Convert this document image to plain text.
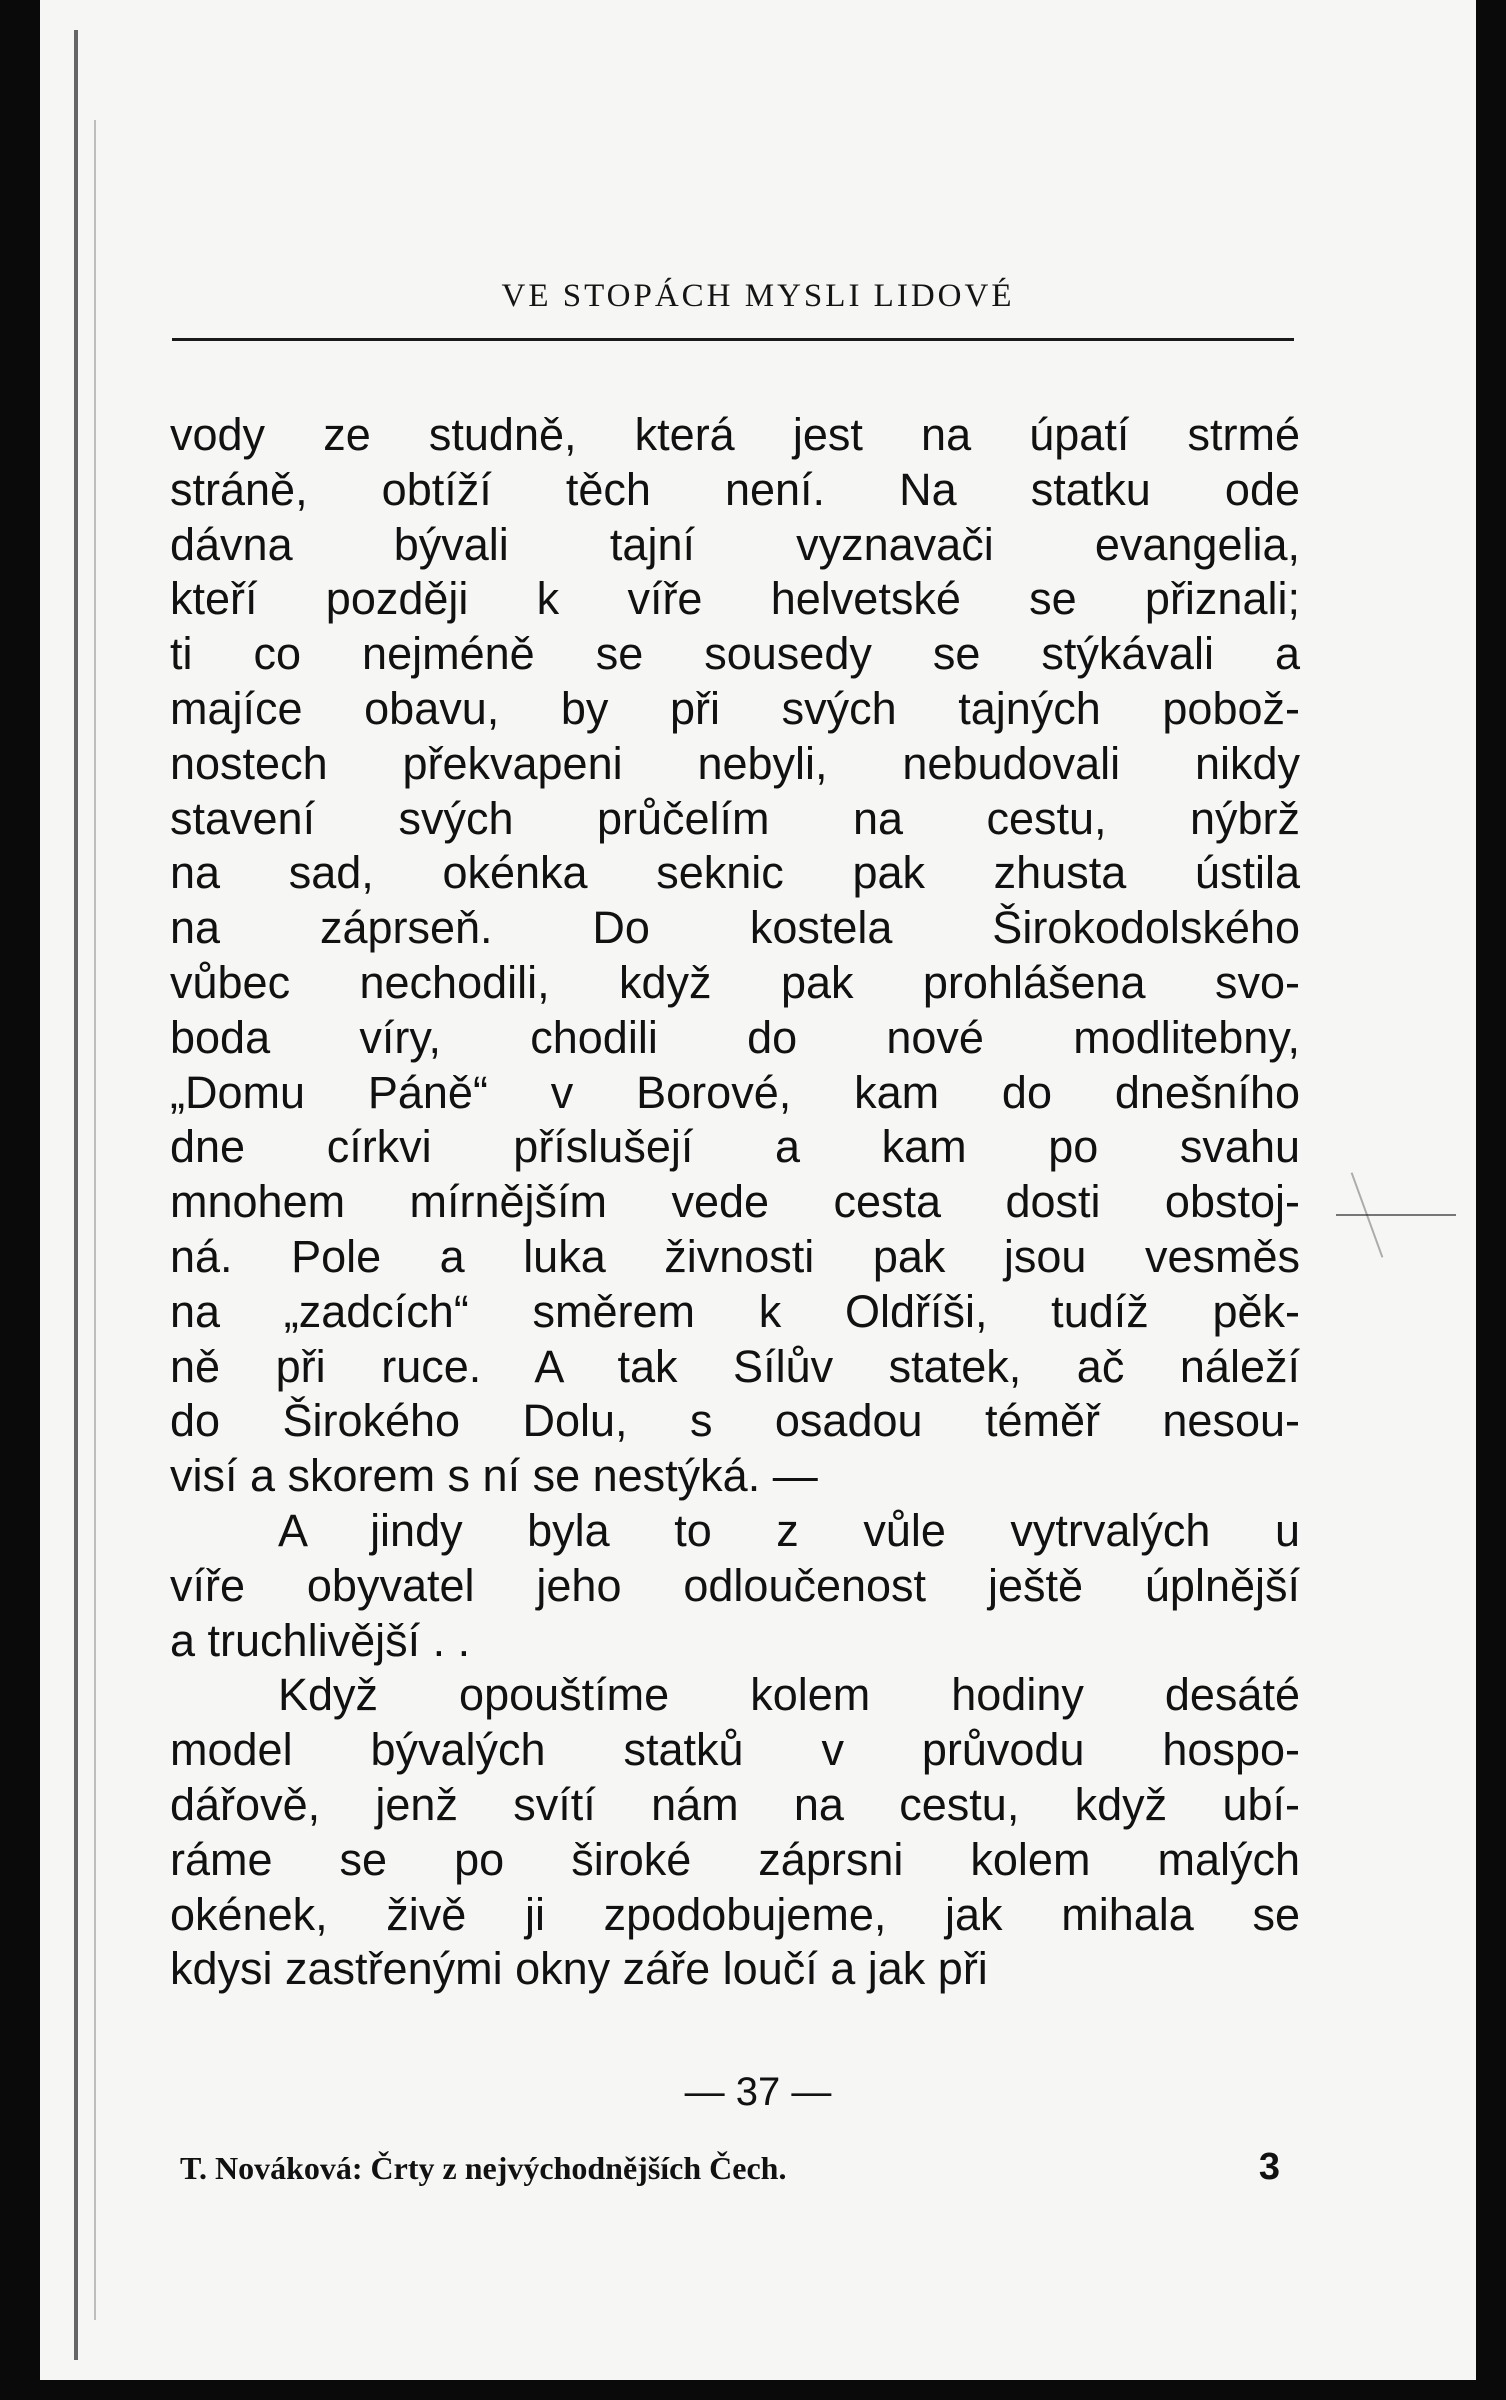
VE STOPÁCH MYSLI LIDOVÉ
vody ze studně, která jest na úpatí strmé
stráně, obtíží těch není. Na statku ode
dávna bývali tajní vyznavači evangelia,
kteří později k víře helvetské se přiznali;
ti co nejméně se sousedy se stýkávali a
majíce obavu, by při svých tajných pobož-
nostech překvapeni nebyli, nebudovali nikdy
stavení svých průčelím na cestu, nýbrž
na sad, okénka seknic pak zhusta ústila
na záprseň. Do kostela Širokodolského
vůbec nechodili, když pak prohlášena svo-
boda víry, chodili do nové modlitebny,
„Domu Páně“ v Borové, kam do dnešního
dne církvi příslušejí a kam po svahu
mnohem mírnějším vede cesta dosti obstoj-
ná. Pole a luka živnosti pak jsou vesměs
na „zadcích“ směrem k Oldříši, tudíž pěk-
ně při ruce. A tak Sílův statek, ač náleží
do Širokého Dolu, s osadou téměř nesou-
visí a skorem s ní se nestýká. —
A jindy byla to z vůle vytrvalých u
víře obyvatel jeho odloučenost ještě úplnější
a truchlivější . .
Když opouštíme kolem hodiny desáté
model bývalých statků v průvodu hospo-
dářově, jenž svítí nám na cestu, když ubí-
ráme se po široké záprsni kolem malých
okének, živě ji zpodobujeme, jak mihala se
kdysi zastřenými okny záře loučí a jak při
— 37 —
T. Nováková: Črty z nejvýchodnějších Čech.	3
